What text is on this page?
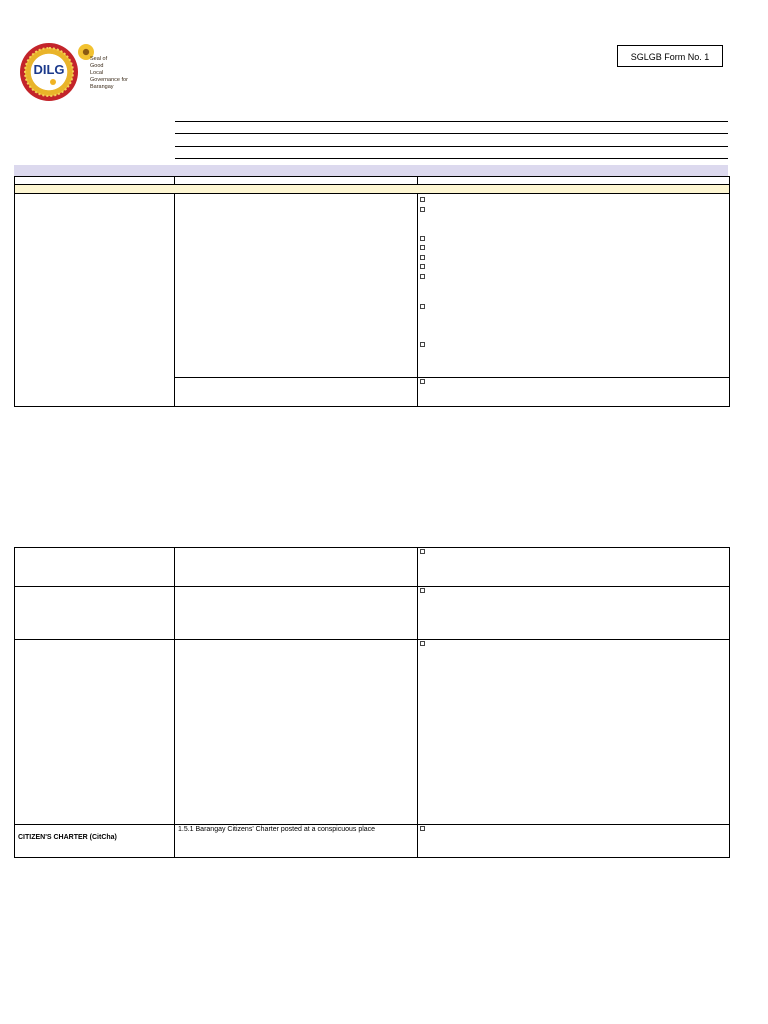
DILG
Seal of
Good
Local
Governance for
Barangay
SGLGB Form No. 1

CITIZEN'S CHARTER (CitCha)	1.5.1 Barangay Citizens' Charter posted at a conspicuous place	
